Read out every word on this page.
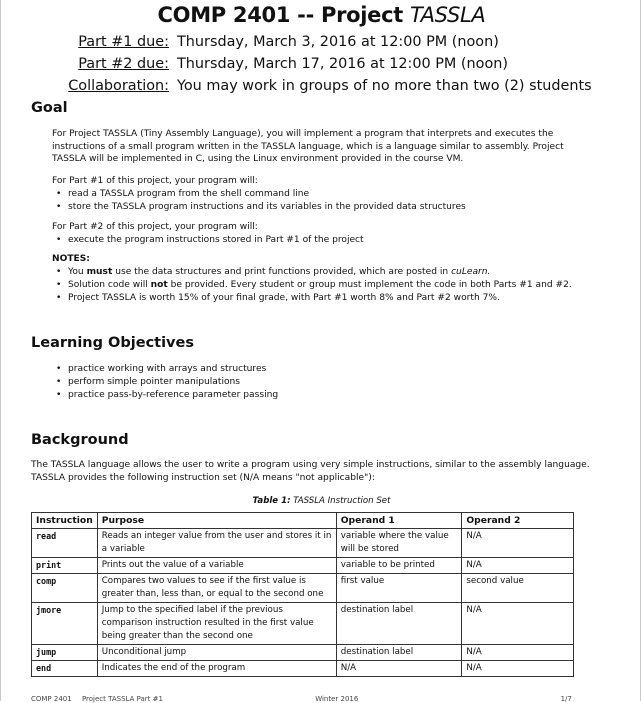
COMP 2401 -- Project TASSLA
Part #1 due: Thursday, March 3, 2016 at 12:00 PM (noon)
Part #2 due: Thursday, March 17, 2016 at 12:00 PM (noon)
Collaboration: You may work in groups of no more than two (2) students
Goal
For Project TASSLA (Tiny Assembly Language), you will implement a program that interprets and executes the
instructions of a small program written in the TASSLA language, which is a language similar to assembly. Project
TASSLA will be implemented in C, using the Linux environment provided in the course VM.
For Part #1 of this project, your program will:
• read a TASSLA program from the shell command line
• store the TASSLA program instructions and its variables in the provided data structures
For Part #2 of this project, your program will:
• execute the program instructions stored in Part #1 of the project
NOTES:
• You must use the data structures and print functions provided, which are posted in cuLearn.
• Solution code will not be provided. Every student or group must implement the code in both Parts #1 and #2.
• Project TASSLA is worth 15% of your final grade, with Part #1 worth 8% and Part #2 worth 7%.
Learning Objectives
• practice working with arrays and structures
• perform simple pointer manipulations
• practice pass-by-reference parameter passing
Background
The TASSLA language allows the user to write a program using very simple instructions, similar to the assembly language.
TASSLA provides the following instruction set (N/A means "not applicable"):
Table 1: TASSLA Instruction Set
Instruction	Purpose	Operand 1	Operand 2
read	Reads an integer value from the user and stores it in a variable	variable where the value will be stored	N/A
print	Prints out the value of a variable	variable to be printed	N/A
comp	Compares two values to see if the first value is greater than, less than, or equal to the second one	first value	second value
jmore	Jump to the specified label if the previous comparison instruction resulted in the first value being greater than the second one	destination label	N/A
jump	Unconditional jump	destination label	N/A
end	Indicates the end of the program	N/A	N/A
COMP 2401 Project TASSLA Part #1	Winter 2016	1/7
